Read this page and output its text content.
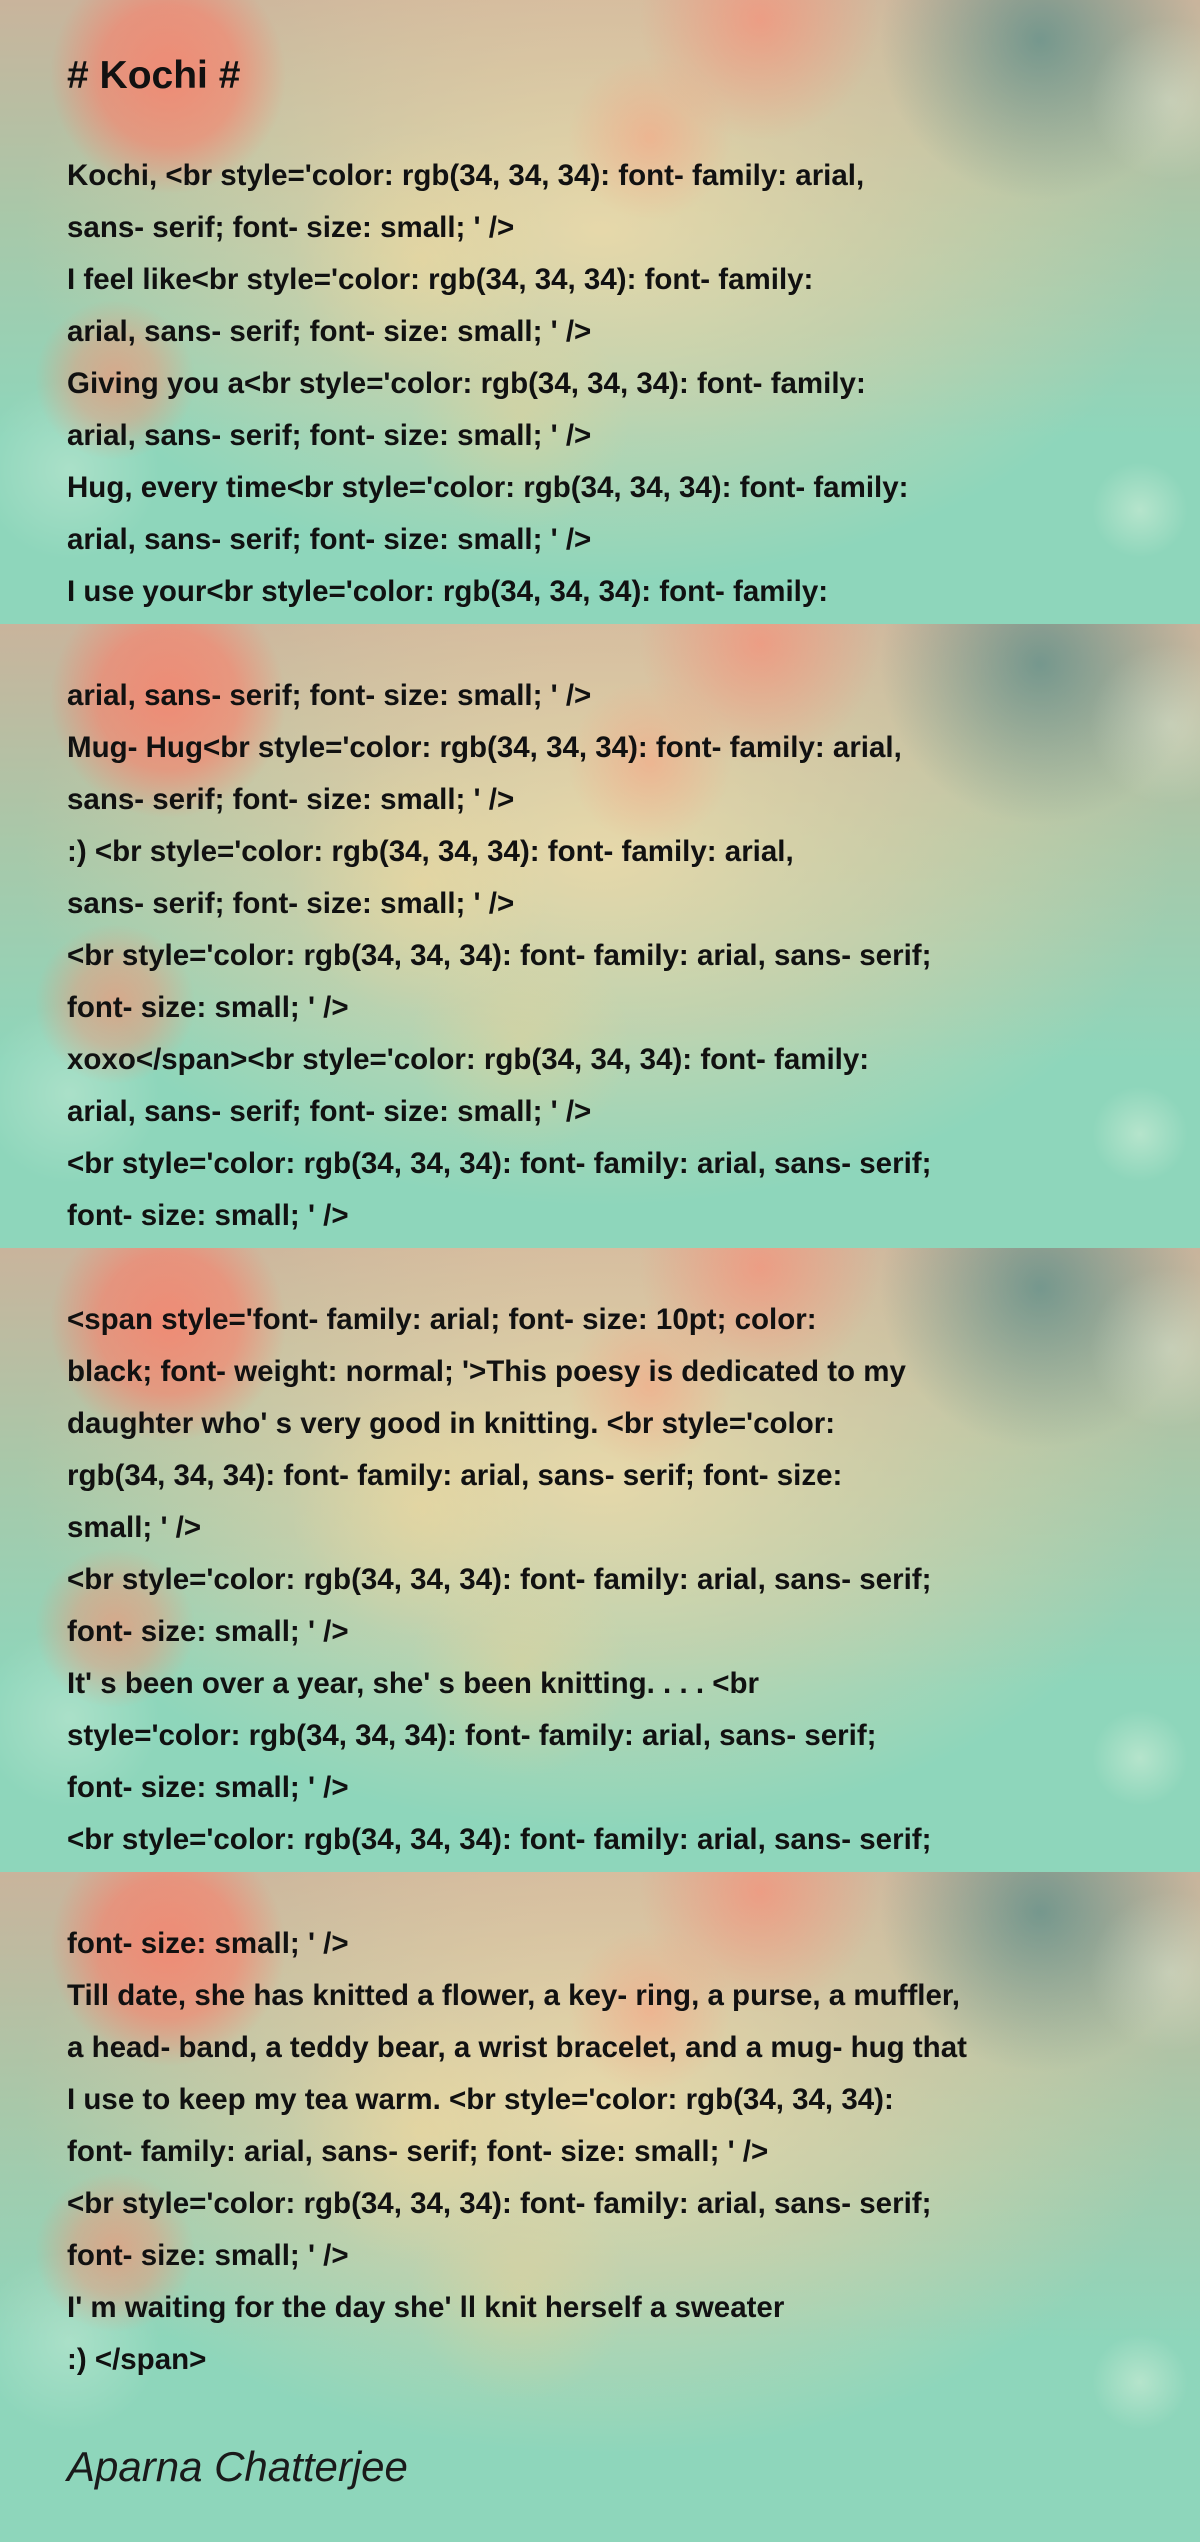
# Kochi #
Kochi, <br style='color: rgb(34, 34, 34): font- family: arial,
sans- serif; font- size: small; ' />
I feel like<br style='color: rgb(34, 34, 34): font- family:
arial, sans- serif; font- size: small; ' />
Giving you a<br style='color: rgb(34, 34, 34): font- family:
arial, sans- serif; font- size: small; ' />
Hug, every time<br style='color: rgb(34, 34, 34): font- family:
arial, sans- serif; font- size: small; ' />
I use your<br style='color: rgb(34, 34, 34): font- family:
arial, sans- serif; font- size: small; ' />
Mug- Hug<br style='color: rgb(34, 34, 34): font- family: arial,
sans- serif; font- size: small; ' />
:) <br style='color: rgb(34, 34, 34): font- family: arial,
sans- serif; font- size: small; ' />
<br style='color: rgb(34, 34, 34): font- family: arial, sans- serif;
font- size: small; ' />
xoxo</span><br style='color: rgb(34, 34, 34): font- family:
arial, sans- serif; font- size: small; ' />
<br style='color: rgb(34, 34, 34): font- family: arial, sans- serif;
font- size: small; ' />
<span style='font- family: arial; font- size: 10pt; color:
black; font- weight: normal; '>This poesy is dedicated to my
daughter who' s very good in knitting. <br style='color:
rgb(34, 34, 34): font- family: arial, sans- serif; font- size:
small; ' />
<br style='color: rgb(34, 34, 34): font- family: arial, sans- serif;
font- size: small; ' />
It' s been over a year, she' s been knitting. . . . <br
style='color: rgb(34, 34, 34): font- family: arial, sans- serif;
font- size: small; ' />
<br style='color: rgb(34, 34, 34): font- family: arial, sans- serif;
font- size: small; ' />
Till date, she has knitted a flower, a key- ring, a purse, a muffler,
a head- band, a teddy bear, a wrist bracelet, and a mug- hug that
I use to keep my tea warm. <br style='color: rgb(34, 34, 34):
font- family: arial, sans- serif; font- size: small; ' />
<br style='color: rgb(34, 34, 34): font- family: arial, sans- serif;
font- size: small; ' />
I' m waiting for the day she' ll knit herself a sweater
:) </span>
Aparna Chatterjee
